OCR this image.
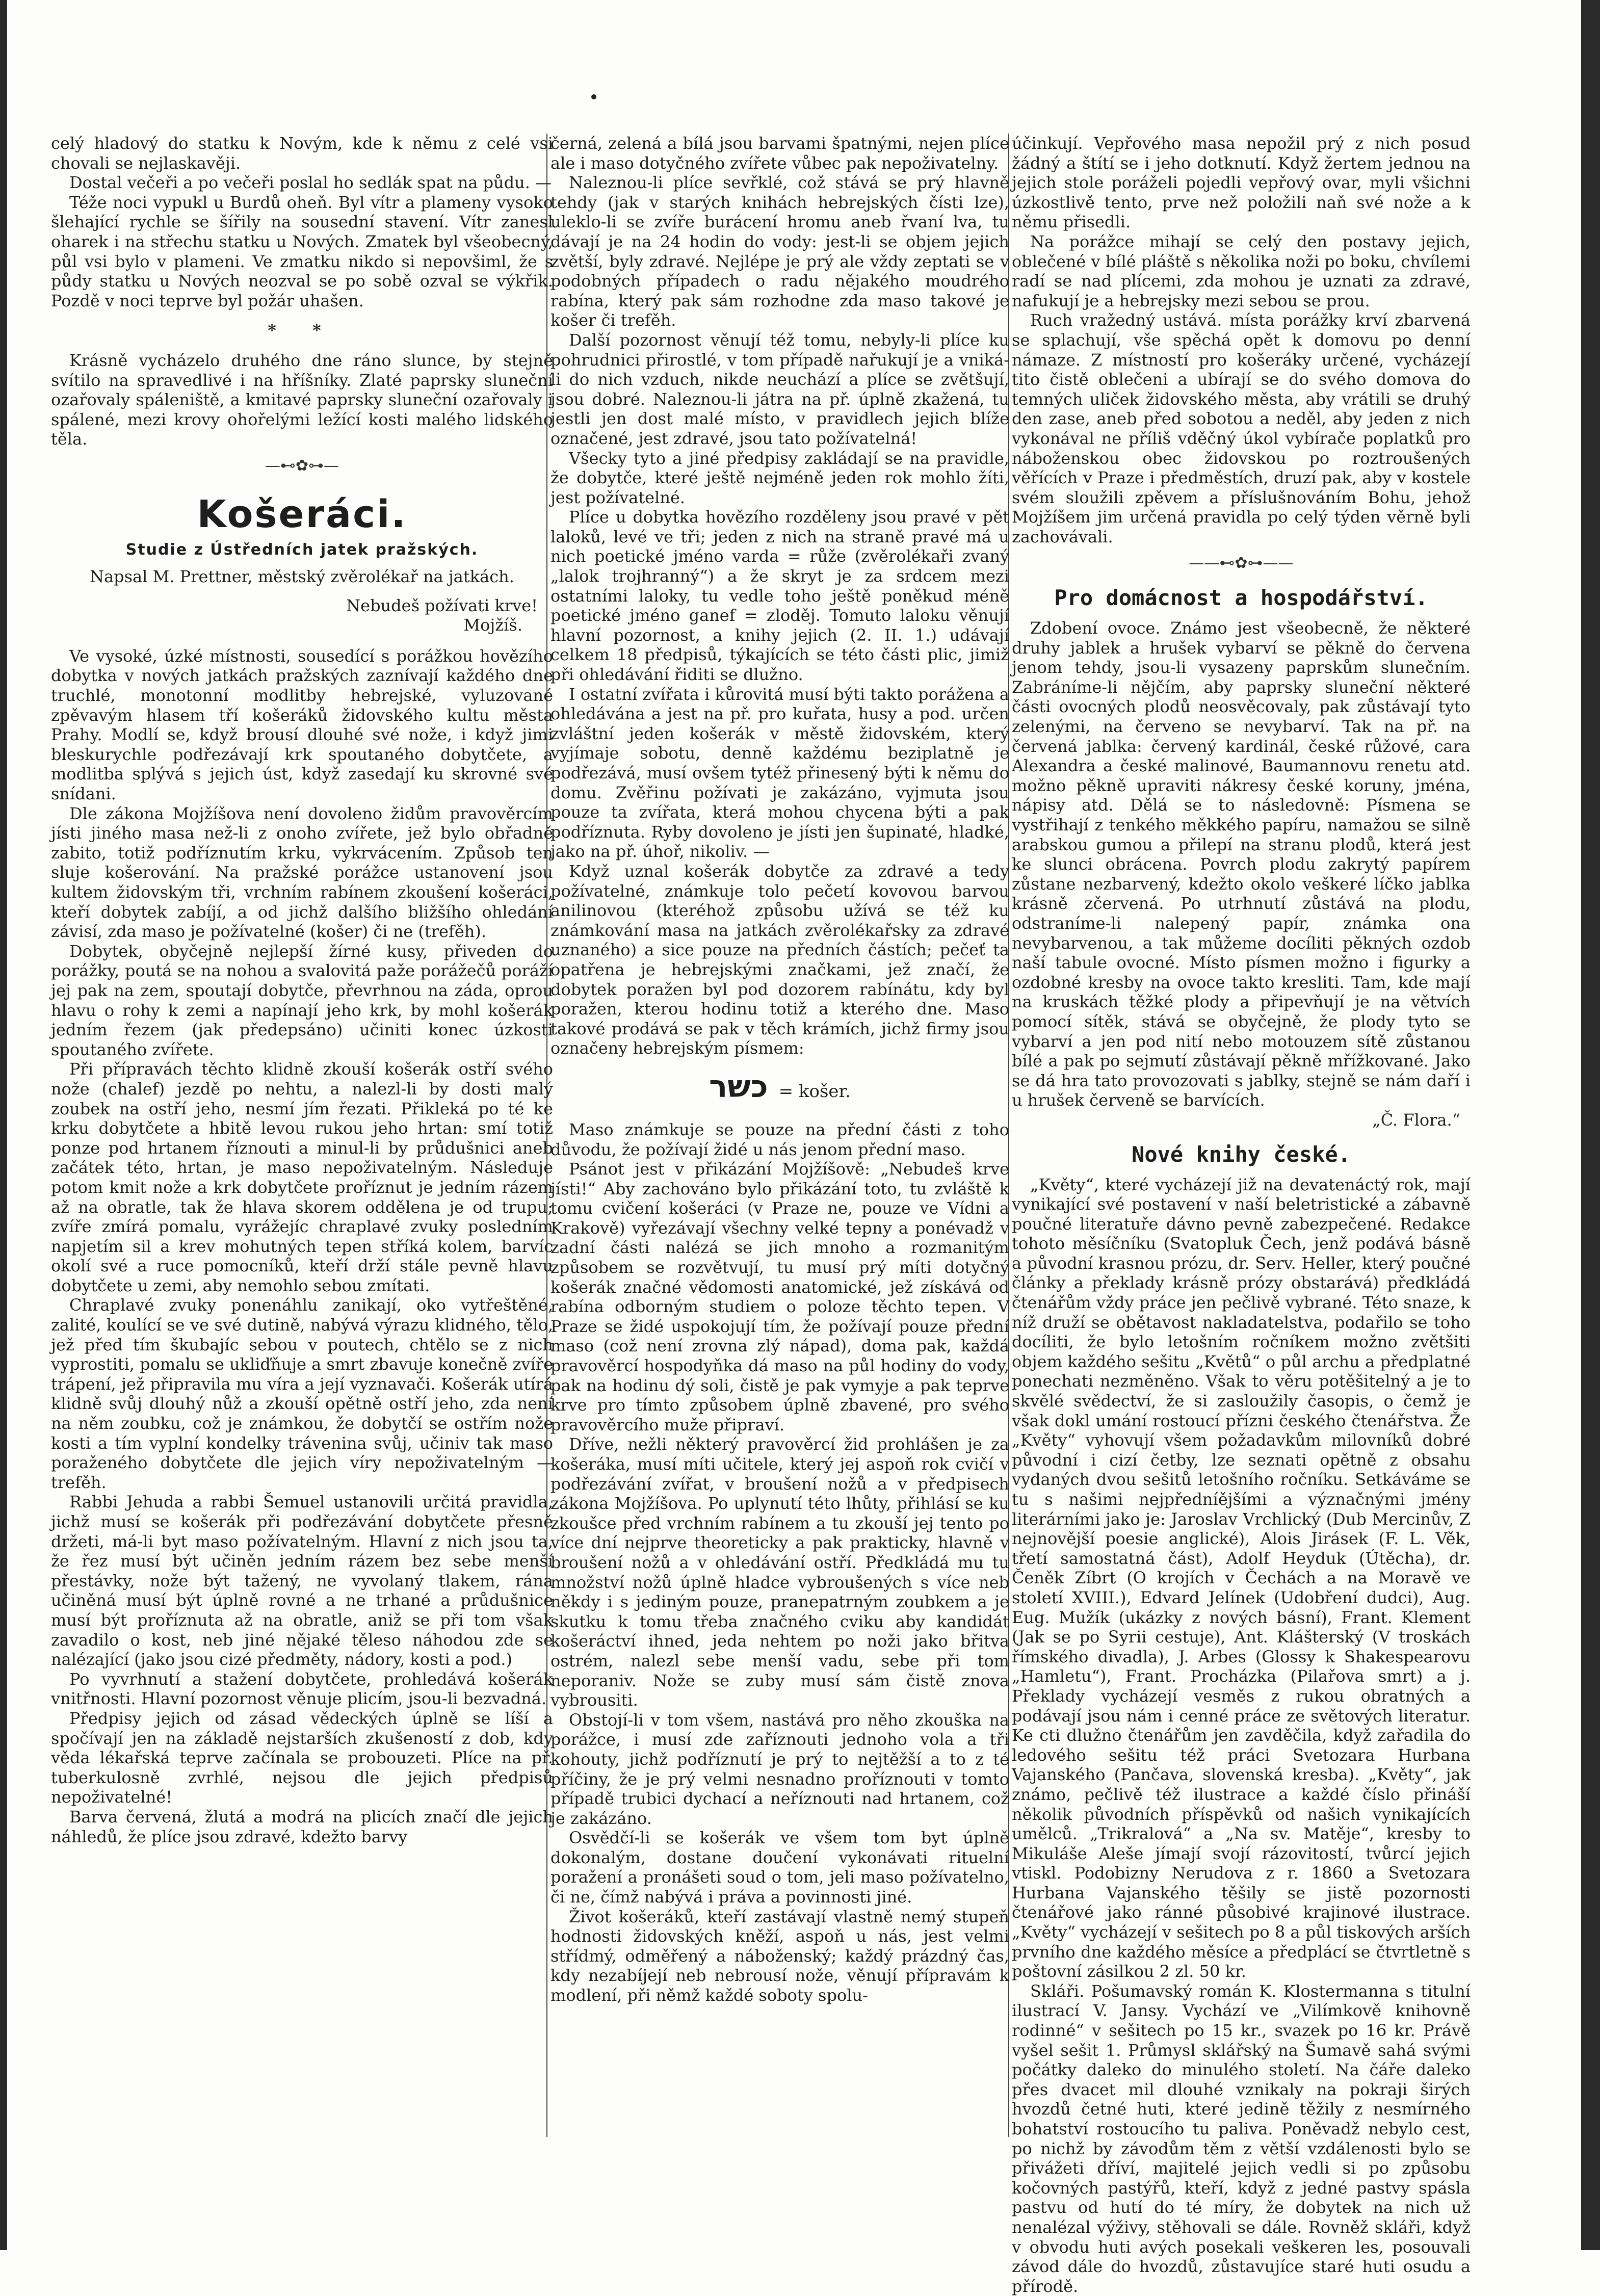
celý hladový do statku k Novým, kde k němu z celé vsi chovali se nejlaskavěji.

Dostal večeři a po večeři poslal ho sedlák spat na půdu. —

Téže noci vypukl u Burdů oheň. Byl vítr a plameny vysoko šlehající rychle se šířily na sousední stavení. Vítr zanesl oharek i na střechu statku u Nových. Zmatek byl všeobecný, půl vsi bylo v plameni. Ve zmatku nikdo si nepovšiml, že s půdy statku u Nových neozval se po sobě ozval se výkřik. Pozdě v noci teprve byl požár uhašen.

* *

Krásně vycházelo druhého dne ráno slunce, by stejně svítilo na spravedlivé i na hříšníky. Zlaté paprsky sluneční ozařovaly spáleniště, a kmitavé paprsky sluneční ozařovaly i spálené, mezi krovy ohořelými ležící kosti malého lidského těla.

—⊷✿⊶—
Košeráci.
Studie z Ústředních jatek pražských.
Napsal M. Prettner, městský zvěrolékař na jatkách.
Nebudeš požívati krve!
Mojžíš.

Ve vysoké, úzké místnosti, sousedící s porážkou hovězího dobytka v nových jatkách pražských zaznívají každého dne truchlé, monotonní modlitby hebrejské, vyluzované zpěvavým hlasem tří košeráků židovského kultu města Prahy. Modlí se, když brousí dlouhé své nože, i když jimi bleskurychle podřezávají krk spoutaného dobytčete, a modlitba splývá s jejich úst, když zasedají ku skrovné své snídani.

Dle zákona Mojžíšova není dovoleno židům pravověrcím jísti jiného masa než-li z onoho zvířete, jež bylo obřadně zabito, totiž podříznutím krku, vykrvácením. Způsob ten sluje košerování. Na pražské porážce ustanovení jsou kultem židovským tři, vrchním rabínem zkoušení košeráci, kteří dobytek zabíjí, a od jichž dalšího bližšího ohledání závisí, zda maso je požívatelné (košer) či ne (trefěh).

Dobytek, obyčejně nejlepší žírné kusy, přiveden do porážky, poutá se na nohou a svalovitá paže porážečů poráží jej pak na zem, spoutají dobytče, převrhnou na záda, oprou hlavu o rohy k zemi a napínají jeho krk, by mohl košerák jedním řezem (jak předepsáno) učiniti konec úzkosti spoutaného zvířete.

Při přípravách těchto klidně zkouší košerák ostří svého nože (chalef) jezdě po nehtu, a nalezl-li by dosti malý zoubek na ostří jeho, nesmí jím řezati. Přikleká po té ke krku dobytčete a hbitě levou rukou jeho hrtan: smí totiž ponze pod hrtanem říznouti a minul-li by průdušnici aneb začátek této, hrtan, je maso nepoživatelným. Následuje potom kmit nože a krk dobytčete proříznut je jedním rázem až na obratle, tak že hlava skorem oddělena je od trupu; zvíře zmírá pomalu, vyrážejíc chraplavé zvuky posledním napjetím sil a krev mohutných tepen stříká kolem, barvíc okolí své a ruce pomocníků, kteří drží stále pevně hlavu dobytčete u zemi, aby nemohlo sebou zmítati.

Chraplavé zvuky ponenáhlu zanikají, oko vytřeštěné, zalité, koulící se ve své dutině, nabývá výrazu klidného, tělo, jež před tím škubajíc sebou v poutech, chtělo se z nich vyprostiti, pomalu se ukliďňuje a smrt zbavuje konečně zvíře trápení, jež připravila mu víra a její vyznavači. Košerák utírá klidně svůj dlouhý nůž a zkouší opětně ostří jeho, zda není na něm zoubku, což je známkou, že dobytčí se ostřím nože kosti a tím vyplní kondelky trávenina svůj, učiniv tak maso poraženého dobytčete dle jejich víry nepoživatelným — trefěh.

Rabbi Jehuda a rabbi Šemuel ustanovili určitá pravidla, jichž musí se košerák při podřezávání dobytčete přesně držeti, má-li byt maso požívatelným. Hlavní z nich jsou ta, že řez musí být učiněn jedním rázem bez sebe menší přestávky, nože být tažený, ne vyvolaný tlakem, rána učiněná musí být úplně rovné a ne trhané a průdušnice musí být proříznuta až na obratle, aniž se při tom však zavadilo o kost, neb jiné nějaké těleso náhodou zde se nalézající (jako jsou cizé předměty, nádory, kosti a pod.)

Po vyvrhnutí a stažení dobytčete, prohledává košerák vnitřnosti. Hlavní pozornost věnuje plicím, jsou-li bezvadná.

Předpisy jejich od zásad vědeckých úplně se líší a spočívají jen na základě nejstarších zkušeností z dob, kdy věda lékařská teprve začínala se probouzeti. Plíce na př. tuberkulosně zvrhlé, nejsou dle jejich předpisů nepoživatelné!

Barva červená, žlutá a modrá na plicích značí dle jejich náhledů, že plíce jsou zdravé, kdežto barvy

černá, zelená a bílá jsou barvami špatnými, nejen plíce ale i maso dotyčného zvířete vůbec pak nepoživatelny.

Naleznou-li plíce sevřklé, což stává se prý hlavně tehdy (jak v starých knihách hebrejských čísti lze), uleklo-li se zvíře burácení hromu aneb řvaní lva, tu dávají je na 24 hodin do vody: jest-li se objem jejich zvětší, byly zdravé. Nejlépe je prý ale vždy zeptati se v podobných případech o radu nějakého moudrého rabína, který pak sám rozhodne zda maso takové je košer či trefěh.

Další pozornost věnují též tomu, nebyly-li plíce ku pohrudnici přirostlé, v tom případě nařukují je a vniká-li do nich vzduch, nikde neuchází a plíce se zvětšují, jsou dobré. Naleznou-li játra na př. úplně zkažená, tu jestli jen dost malé místo, v pravidlech jejich blíže označené, jest zdravé, jsou tato požívatelná!

Všecky tyto a jiné předpisy zakládají se na pravidle, že dobytče, které ještě nejméně jeden rok mohlo žíti, jest požívatelné.

Plíce u dobytka hovězího rozděleny jsou pravé v pět laloků, levé ve tři; jeden z nich na straně pravé má u nich poetické jméno varda = růže (zvěrolékaři zvaný „lalok trojhranný“) a že skryt je za srdcem mezi ostatními laloky, tu vedle toho ještě poněkud méně poetické jméno ganef = zloděj. Tomuto laloku věnují hlavní pozornost, a knihy jejich (2. II. 1.) udávají celkem 18 předpisů, týkajících se této části plic, jimiž při ohledávání řiditi se dlužno.

I ostatní zvířata i kůrovitá musí býti takto porážena a ohledávána a jest na př. pro kuřata, husy a pod. určen zvláštní jeden košerák v městě židovském, který vyjímaje sobotu, denně každému beziplatně je podřezává, musí ovšem tytéž přinesený býti k němu do domu. Zvěřinu požívati je zakázáno, vyjmuta jsou pouze ta zvířata, která mohou chycena býti a pak podříznuta. Ryby dovoleno je jísti jen šupinaté, hladké, jako na př. úhoř, nikoliv. —

Když uznal košerák dobytče za zdravé a tedy požívatelné, známkuje tolo pečetí kovovou barvou anilinovou (kteréhož způsobu užívá se též ku známkování masa na jatkách zvěrolékařsky za zdravé uznaného) a sice pouze na předních částích; pečeť ta opatřena je hebrejskými značkami, jež značí, že dobytek poražen byl pod dozorem rabínátu, kdy byl poražen, kterou hodinu totiž a kterého dne. Maso takové prodává se pak v těch krámích, jichž firmy jsou označeny hebrejským písmem:

כשר = košer.

Maso známkuje se pouze na přední části z toho důvodu, že požívají židé u nás jenom přední maso.

Psánot jest v přikázání Mojžíšově: „Nebudeš krve jísti!“ Aby zachováno bylo přikázání toto, tu zvláště k tomu cvičení košeráci (v Praze ne, pouze ve Vídni a Krakově) vyřezávají všechny velké tepny a ponévadž v zadní části nalézá se jich mnoho a rozmanitým způsobem se rozvětvují, tu musí prý míti dotyčný košerák značné vědomosti anatomické, jež získává od rabína odborným studiem o poloze těchto tepen. V Praze se židé uspokojují tím, že požívají pouze přední maso (což není zrovna zlý nápad), doma pak, každá pravověrcí hospodyňka dá maso na půl hodiny do vody, pak na hodinu dý soli, čistě je pak vymyje a pak teprve krve pro tímto způsobem úplně zbavené, pro svého pravověrcího muže připraví.

Dříve, nežli některý pravověrcí žid prohlášen je za košeráka, musí míti učitele, který jej aspoň rok cvičí v podřezávání zvířat, v broušení nožů a v předpisech zákona Mojžíšova. Po uplynutí této lhůty, přihlásí se ku zkoušce před vrchním rabínem a tu zkouší jej tento po více dní nejprve theoreticky a pak prakticky, hlavně v broušení nožů a v ohledávání ostří. Předkládá mu tu množství nožů úplně hladce vybroušených s více neb někdy i s jediným pouze, pranepatrným zoubkem a je skutku k tomu třeba značného cviku aby kandidát košeráctví ihned, jeda nehtem po noži jako břitva ostrém, nalezl sebe menší vadu, sebe při tom neporaniv. Nože se zuby musí sám čistě znova vybrousiti.

Obstojí-li v tom všem, nastává pro něho zkouška na porážce, i musí zde zaříznouti jednoho vola a tři kohouty, jichž podříznutí je prý to nejtěžší a to z té příčiny, že je prý velmi nesnadno proříznouti v tomto případě trubici dychací a neříznouti nad hrtanem, což je zakázáno.

Osvědčí-li se košerák ve všem tom byt úplně dokonalým, dostane doučení vykonávati rituelní poražení a pronášeti soud o tom, jeli maso požívatelno, či ne, čímž nabývá i práva a povinnosti jiné.

Život košeráků, kteří zastávají vlastně nemý stupeň hodnosti židovských kněží, aspoň u nás, jest velmi střídmý, odměřený a náboženský; každý prázdný čas, kdy nezabíjejí neb nebrousí nože, věnují přípravám k modlení, při němž každé soboty spolu-

účinkují. Vepřového masa nepožil prý z nich posud žádný a štítí se i jeho dotknutí. Když žertem jednou na jejich stole poráželi pojedli vepřový ovar, myli všichni úzkostlivě tento, prve než položili naň své nože a k němu přisedli.

Na porážce mihají se celý den postavy jejich, oblečené v bílé pláště s několika noži po boku, chvílemi radí se nad plícemi, zda mohou je uznati za zdravé, nafukují je a hebrejsky mezi sebou se prou.

Ruch vražedný ustává. místa porážky krví zbarvená se splachují, vše spěchá opět k domovu po denní námaze. Z místností pro košeráky určené, vycházejí tito čistě oblečeni a ubírají se do svého domova do temných uliček židovského města, aby vrátili se druhý den zase, aneb před sobotou a neděl, aby jeden z nich vykonával ne příliš vděčný úkol vybírače poplatků pro náboženskou obec židovskou po roztroušených věřících v Praze i předměstích, druzí pak, aby v kostele svém sloužili zpěvem a příslušnováním Bohu, jehož Mojžíšem jim určená pravidla po celý týden věrně byli zachovávali.

——⊷✿⊶——
Pro domácnost a hospodářství.

Zdobení ovoce. Známo jest všeobecně, že některé druhy jablek a hrušek vybarví se pěkně do červena jenom tehdy, jsou-li vysazeny paprskům slunečním. Zabráníme-li nějčím, aby paprsky sluneční některé části ovocných plodů neosvěcovaly, pak zůstávají tyto zelenými, na červeno se nevybarví. Tak na př. na červená jablka: červený kardinál, české růžové, carа Alexandra a české malinové, Baumannovu renetu atd. možno pěkně upraviti nákresy české koruny, jména, nápisy atd. Dělá se to následovně: Písmena se vystřihají z tenkého měkkého papíru, namažou se silně arabskou gumou a přilepí na stranu plodů, která jest ke slunci obrácena. Povrch plodu zakrytý papírem zůstane nezbarvený, kdežto okolo veškeré líčko jablka krásně zčervená. Po utrhnutí zůstává na plodu, odstraníme-li nalepený papír, známka ona nevybarvenou, a tak můžeme docíliti pěkných ozdob naší tabule ovocné. Místo písmen možno i figurky a ozdobné kresby na ovoce takto kresliti. Tam, kde mají na kruskách těžké plody a připevňují je na větvích pomocí sítěk, stává se obyčejně, že plody tyto se vybarví a jen pod nití nebo motouzem sítě zůstanou bílé a pak po sejmutí zůstávají pěkně mřížkované. Jako se dá hra tato provozovati s jablky, stejně se nám daří i u hrušek červeně se barvících.

„Č. Flora.“
Nové knihy české.

„Květy“, které vycházejí již na devatenáctý rok, mají vynikající své postavení v naší beletristické a zábavně poučné literatuře dávno pevně zabezpečené. Redakce tohoto měsíčníku (Svatopluk Čech, jenž podává básně a původní krasnou prózu, dr. Serv. Heller, který poučné články a překlady krásně prózy obstarává) předkládá čtenářům vždy práce jen pečlivě vybrané. Této snaze, k níž druží se obětavost nakladatelstva, podařilo se toho docíliti, že bylo letošním ročníkem možno zvětšiti objem každého sešitu „Květů“ o půl archu a předplatné ponechati nezměněno. Však to věru potěšitelný a je to skvělé svědectví, že si zasloužily časopis, o čemž je však dokl umání rostoucí přízni českého čtenářstva. Že „Květy“ vyhovují všem požadavkům milovníků dobré původní i cizí četby, lze seznati opětně z obsahu vydaných dvou sešitů letošního ročníku. Setkáváme se tu s našimi nejpředníějšími a význačnými jmény literárními jako je: Jaroslav Vrchlický (Dub Mercinův, Z nejnovější poesie anglické), Alois Jirásek (F. L. Věk, třetí samostatná část), Adolf Heyduk (Útěcha), dr. Čeněk Zíbrt (O krojích v Čechách a na Moravě ve století XVIII.), Edvard Jelínek (Udobření dudci), Aug. Eug. Mužík (ukázky z nových básní), Frant. Klement (Jak se po Syrii cestuje), Ant. Klášterský (V troskách římského divadla), J. Arbes (Glossy k Shakespearovu „Hamletu“), Frant. Procházka (Pilařova smrt) a j. Překlady vycházejí vesměs z rukou obratných a podávají jsou nám i cenné práce ze světových literatur. Ke cti dlužno čtenářům jen zavděčila, když zařadila do ledového sešitu též práci Svetozara Hurbana Vajanského (Pančava, slovenská kresba). „Květy“, jak známo, pečlivě též ilustrace a každé číslo přináší několik původních příspěvků od našich vynikajících umělců. „Trikralová“ a „Na sv. Matěje“, kresby to Mikuláše Aleše jímají svojí rázovitostí, tvůrcí jejich vtiskl. Podobizny Nerudova z r. 1860 a Svetozara Hurbana Vajanského těšily se jistě pozornosti čtenářové jako ránné působivé krajinové ilustrace. „Květy“ vycházejí v sešitech po 8 a půl tiskových arších prvního dne každého měsíce a předplácí se čtvrtletně s poštovní zásilkou 2 zl. 50 kr.

Skláři. Pošumavský román K. Klostermanna s titulní ilustrací V. Jansy. Vychází ve „Vilímkově knihovně rodinné“ v sešitech po 15 kr., svazek po 16 kr. Právě vyšel sešit 1. Průmysl sklářský na Šumavě sahá svými počátky daleko do minulého století. Na čáře daleko přes dvacet mil dlouhé vznikaly na pokraji širých hvozdů četné huti, které jedině těžily z nesmírného bohatství rostoucího tu paliva. Poněvadž nebylo cest, po nichž by závodům těm z větší vzdálenosti bylo se přivážeti dříví, majitelé jejich vedli si po způsobu kočovných pastýřů, kteří, když z jedné pastvy spásla pastvu od hutí do té míry, že dobytek na nich už nenalézal výživy, stěhovali se dále. Rovněž skláři, když v obvodu huti avých posekali veškeren les, posouvali závod dále do hvozdů, zůstavujíce staré huti osudu a přírodě.
